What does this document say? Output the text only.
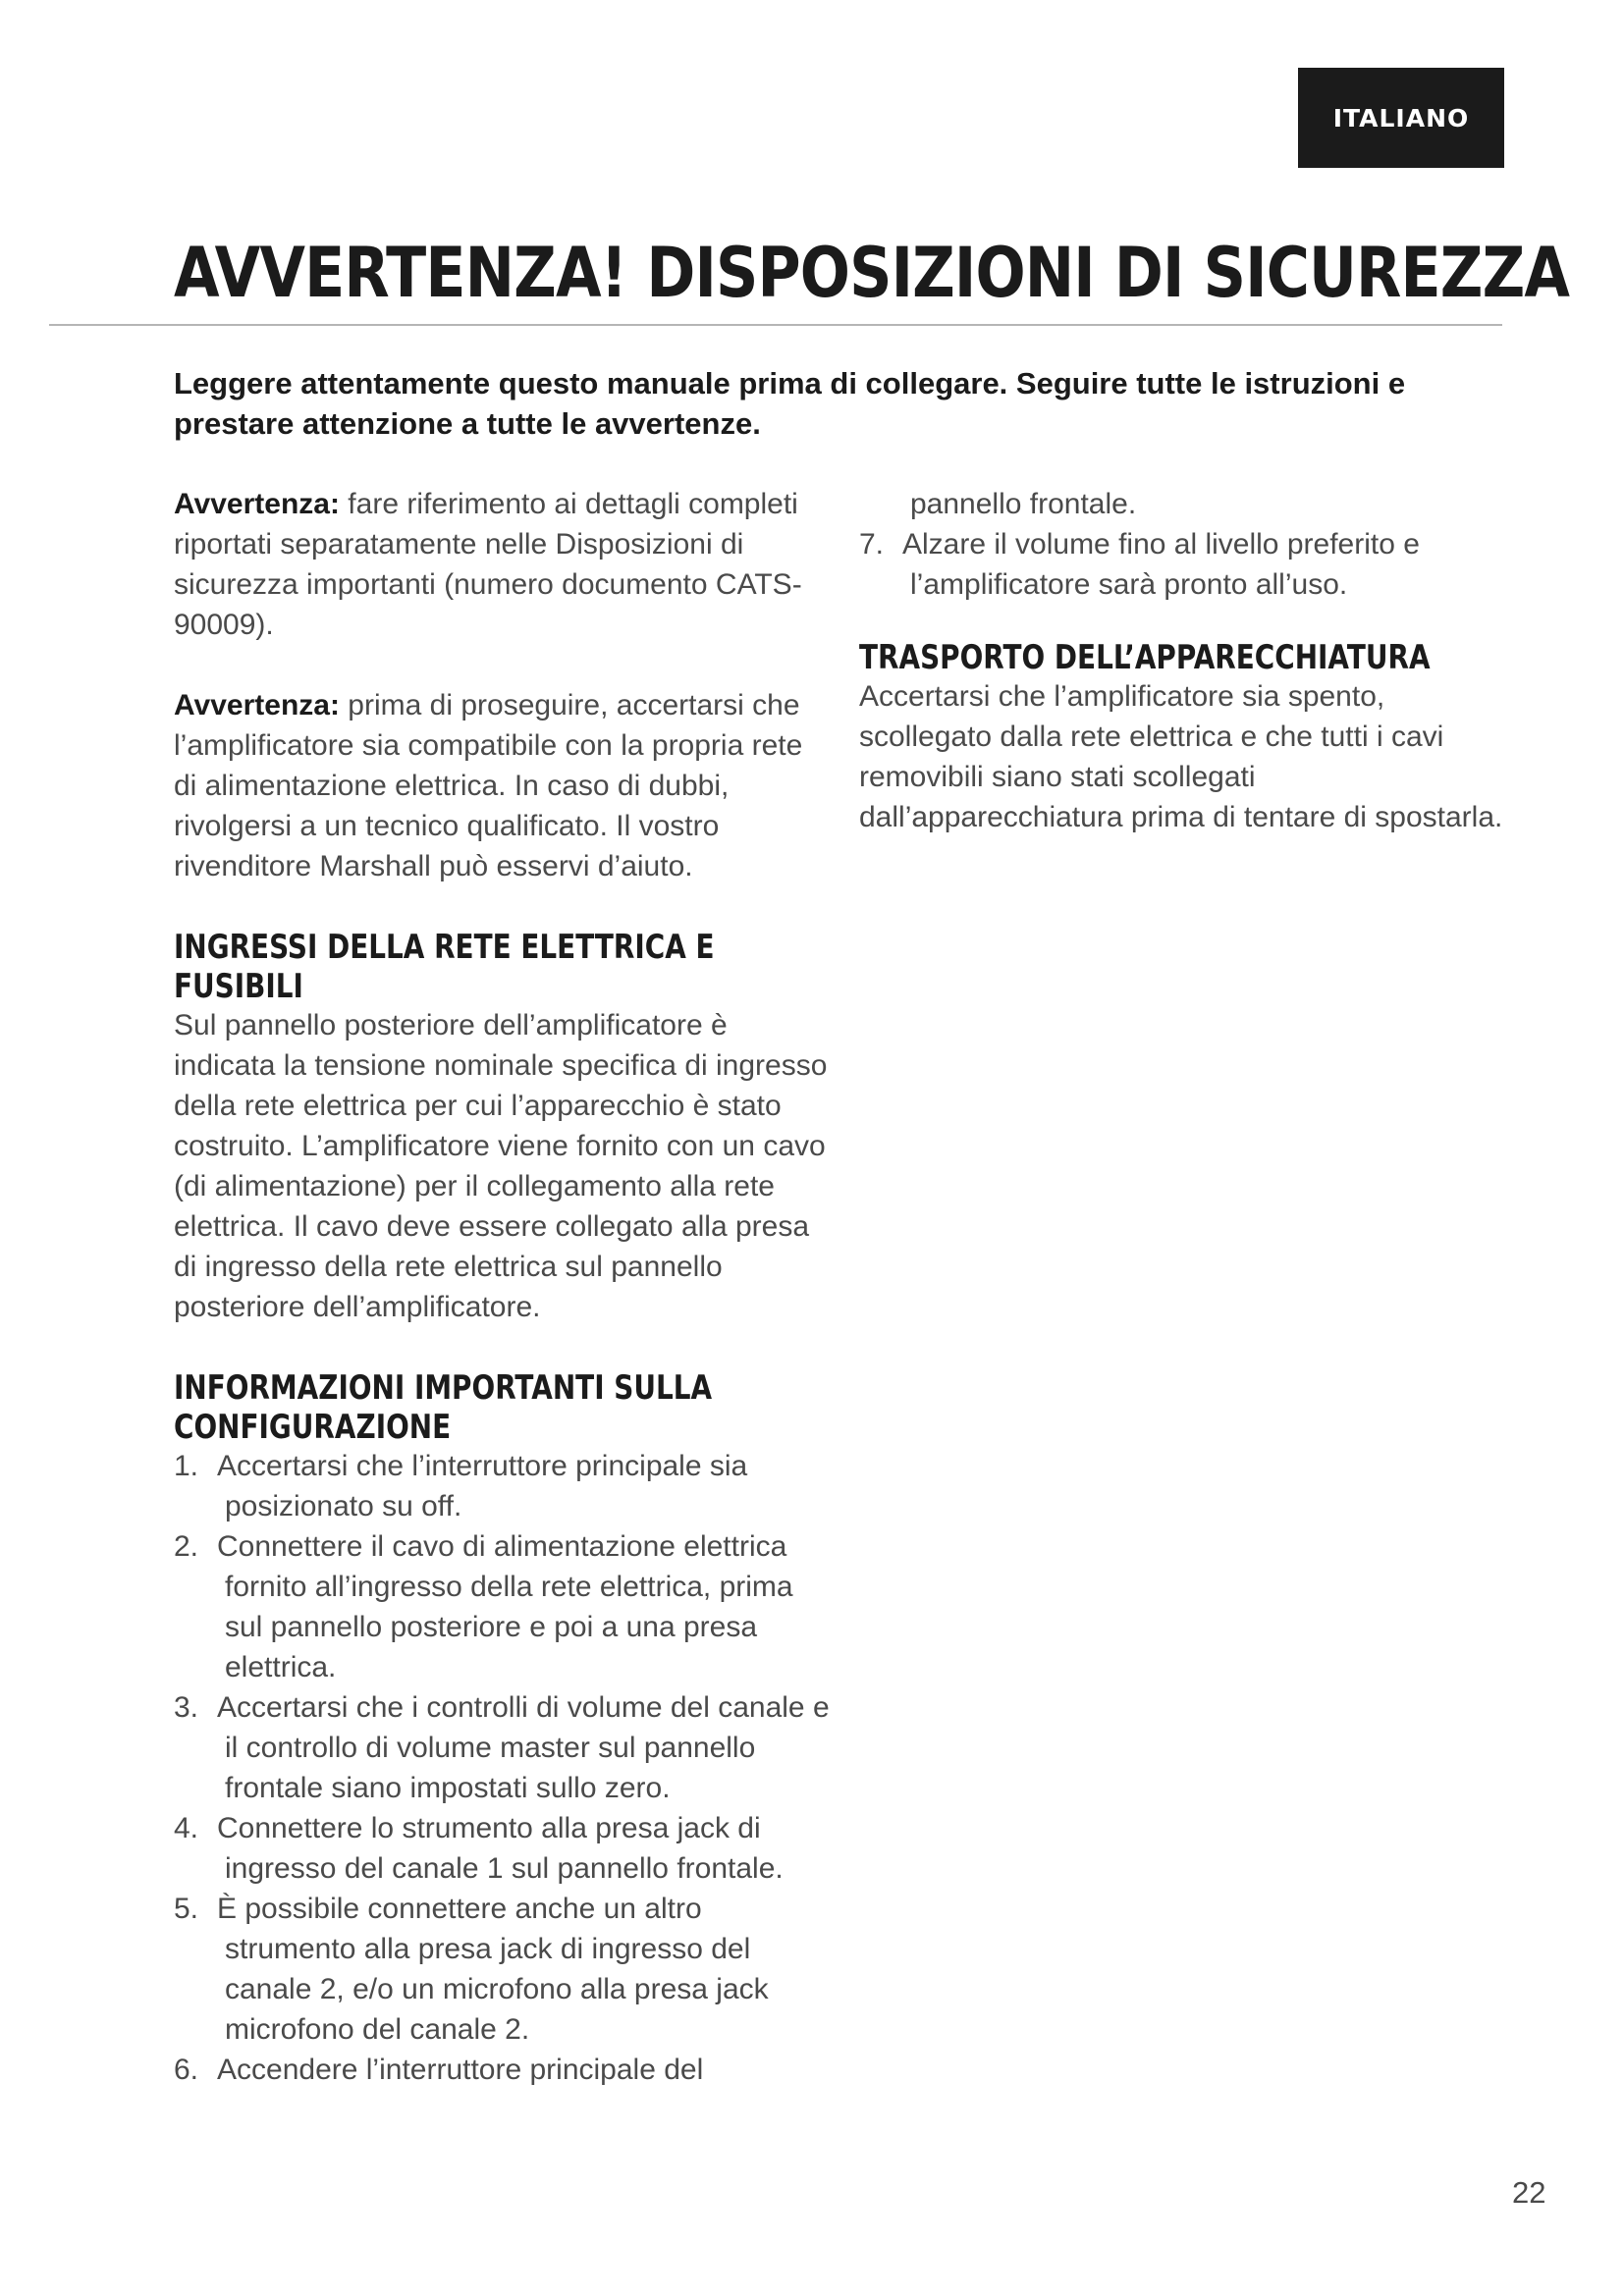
ITALIANO
AVVERTENZA! DISPOSIZIONI DI SICUREZZA

Leggere attentamente questo manuale prima di collegare. Seguire tutte le istruzioni e prestare attenzione a tutte le avvertenze.

Avvertenza: fare riferimento ai dettagli completi riportati separatamente nelle Disposizioni di sicurezza importanti (numero documento CATS-90009).

Avvertenza: prima di proseguire, accertarsi che l’amplificatore sia compatibile con la propria rete di alimentazione elettrica. In caso di dubbi, rivolgersi a un tecnico qualificato. Il vostro rivenditore Marshall può esservi d’aiuto.

INGRESSI DELLA RETE ELETTRICA E
FUSIBILI

Sul pannello posteriore dell’amplificatore è indicata la tensione nominale specifica di ingresso della rete elettrica per cui l’apparecchio è stato costruito. L’amplificatore viene fornito con un cavo (di alimentazione) per il collegamento alla rete elettrica. Il cavo deve essere collegato alla presa di ingresso della rete elettrica sul pannello posteriore dell’amplificatore.

INFORMAZIONI IMPORTANTI SULLA
CONFIGURAZIONE
1. Accertarsi che l’interruttore principale sia posizionato su off.
2. Connettere il cavo di alimentazione elettrica fornito all’ingresso della rete elettrica, prima sul pannello posteriore e poi a una presa elettrica.
3. Accertarsi che i controlli di volume del canale e il controllo di volume master sul pannello frontale siano impostati sullo zero.
4. Connettere lo strumento alla presa jack di ingresso del canale 1 sul pannello frontale.
5. È possibile connettere anche un altro strumento alla presa jack di ingresso del canale 2, e/o un microfono alla presa jack microfono del canale 2.
6. Accendere l’interruttore principale del

pannello frontale.

7. Alzare il volume fino al livello preferito e l’amplificatore sarà pronto all’uso.
TRASPORTO DELL’APPARECCHIATURA

Accertarsi che l’amplificatore sia spento, scollegato dalla rete elettrica e che tutti i cavi removibili siano stati scollegati dall’apparecchiatura prima di tentare di spostarla.

22
